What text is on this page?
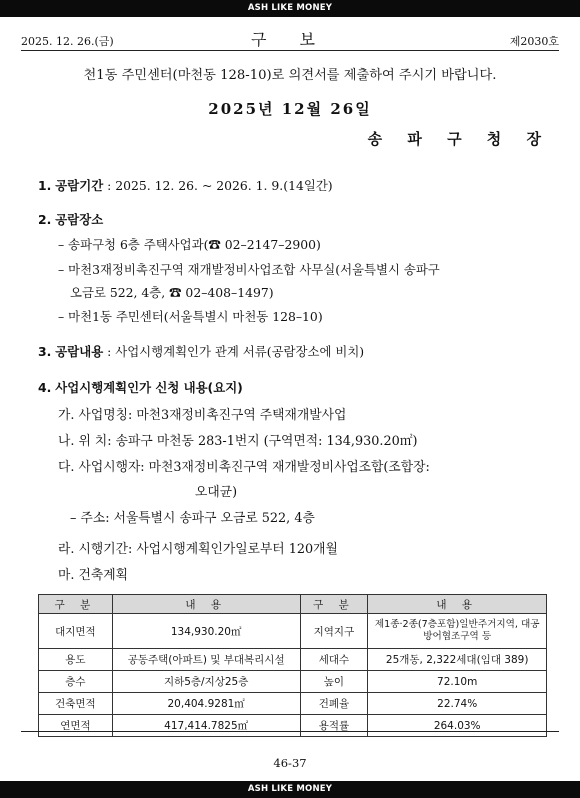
ASH LIKE MONEY
2025. 12. 26.(금)	구 보	제2030호
천1동 주민센터(마천동 128-10)로 의견서를 제출하여 주시기 바랍니다.
2025년 12월 26일
송 파 구 청 장
1. 공람기간 : 2025. 12. 26. ~ 2026. 1. 9.(14일간)
2. 공람장소
– 송파구청 6층 주택사업과(☎ 02–2147–2900)
– 마천3재정비촉진구역 재개발정비사업조합 사무실(서울특별시 송파구
오금로 522, 4층, ☎ 02–408–1497)
– 마천1동 주민센터(서울특별시 마천동 128–10)
3. 공람내용 : 사업시행계획인가 관계 서류(공람장소에 비치)
4. 사업시행계획인가 신청 내용(요지)
가. 사업명칭: 마천3재정비촉진구역 주택재개발사업
나. 위 치: 송파구 마천동 283-1번지 (구역면적: 134,930.20㎡)
다. 사업시행자: 마천3재정비촉진구역 재개발정비사업조합(조합장:
오대균)
– 주소: 서울특별시 송파구 오금로 522, 4층
라. 시행기간: 사업시행계획인가일로부터 120개월
마. 건축계획
구 분	내 용	구 분	내 용
대지면적	134,930.20㎡	지역지구	제1종·2종(7층포함)일반주거지역, 대공방어협조구역 등
용도	공동주택(아파트) 및 부대복리시설	세대수	25개동, 2,322세대(임대 389)
층수	지하5층/지상25층	높이	72.10m
건축면적	20,404.9281㎡	건폐율	22.74%
연면적	417,414.7825㎡	용적률	264.03%
46-37
ASH LIKE MONEY
